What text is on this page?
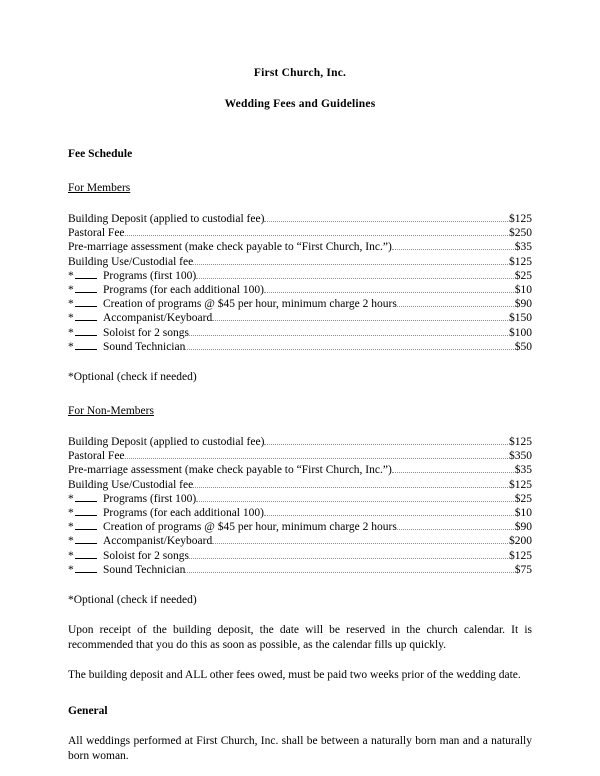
First Church, Inc.
Wedding Fees and Guidelines
Fee Schedule
For Members
Building Deposit (applied to custodial fee)	$125
Pastoral Fee	$250
Pre-marriage assessment (make check payable to “First Church, Inc.”)	$35
Building Use/Custodial fee	$125
*	Programs (first 100)	$25
*	Programs (for each additional 100)	$10
*	Creation of programs @ $45 per hour, minimum charge 2 hours	$90
*	Accompanist/Keyboard	$150
*	Soloist for 2 songs	$100
*	Sound Technician	$50
*Optional (check if needed)
For Non-Members
Building Deposit (applied to custodial fee)	$125
Pastoral Fee	$350
Pre-marriage assessment (make check payable to “First Church, Inc.”)	$35
Building Use/Custodial fee	$125
*	Programs (first 100)	$25
*	Programs (for each additional 100)	$10
*	Creation of programs @ $45 per hour, minimum charge 2 hours	$90
*	Accompanist/Keyboard	$200
*	Soloist for 2 songs	$125
*	Sound Technician	$75
*Optional (check if needed)

Upon receipt of the building deposit, the date will be reserved in the church calendar. It is recommended that you do this as soon as possible, as the calendar fills up quickly.

The building deposit and ALL other fees owed, must be paid two weeks prior of the wedding date.

General

All weddings performed at First Church, Inc. shall be between a naturally born man and a naturally born woman.
